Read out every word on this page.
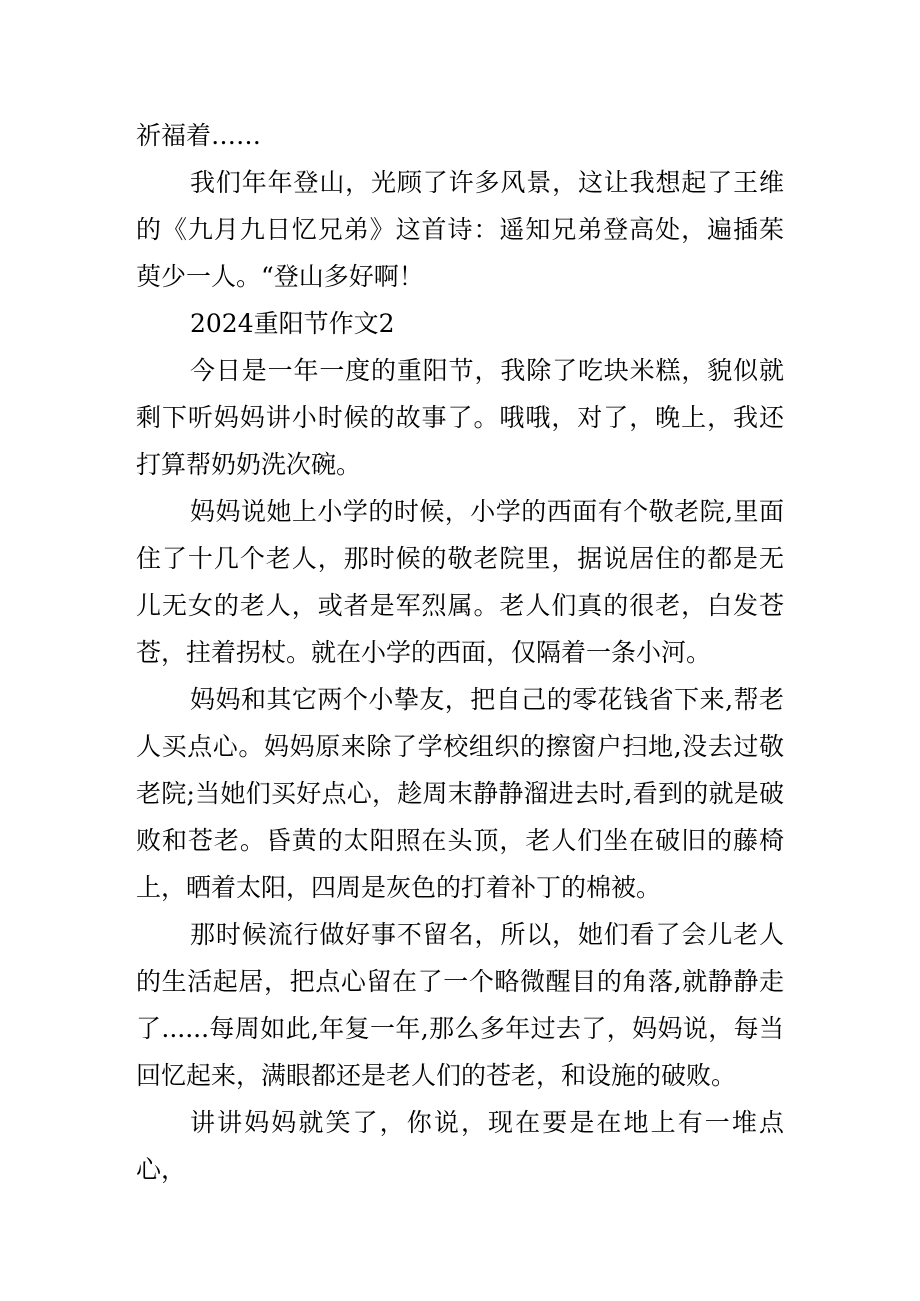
祈福着……

我们年年登山，光顾了许多风景，这让我想起了王维的《九月九日忆兄弟》这首诗：遥知兄弟登高处，遍插茱萸少一人。“登山多好啊！

2024重阳节作文2

今日是一年一度的重阳节，我除了吃块米糕，貌似就剩下听妈妈讲小时候的故事了。哦哦，对了，晚上，我还打算帮奶奶洗次碗。

妈妈说她上小学的时候，小学的西面有个敬老院,里面住了十几个老人，那时候的敬老院里，据说居住的都是无儿无女的老人，或者是军烈属。老人们真的很老，白发苍苍，拄着拐杖。就在小学的西面，仅隔着一条小河。

妈妈和其它两个小挚友，把自己的零花钱省下来,帮老人买点心。妈妈原来除了学校组织的擦窗户扫地,没去过敬老院;当她们买好点心，趁周末静静溜进去时,看到的就是破败和苍老。昏黄的太阳照在头顶，老人们坐在破旧的藤椅上，晒着太阳，四周是灰色的打着补丁的棉被。

那时候流行做好事不留名，所以，她们看了会儿老人的生活起居，把点心留在了一个略微醒目的角落,就静静走了......每周如此,年复一年,那么多年过去了，妈妈说，每当回忆起来，满眼都还是老人们的苍老，和设施的破败。

讲讲妈妈就笑了，你说，现在要是在地上有一堆点心，
